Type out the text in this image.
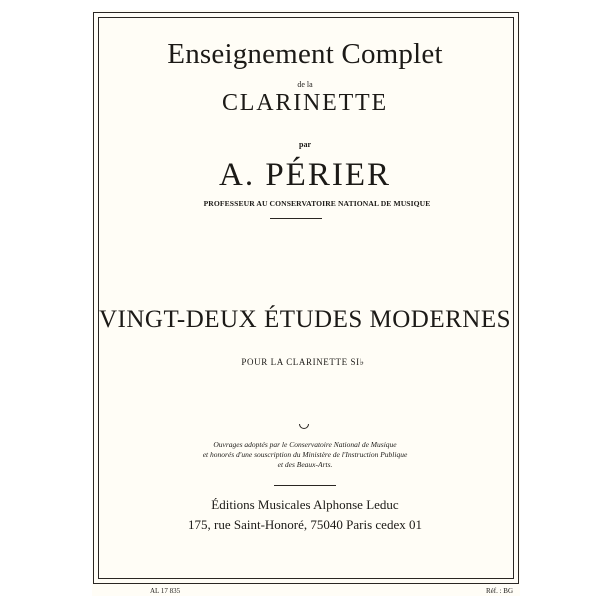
Enseignement Complet
de la
CLARINETTE
par
A. PÉRIER
PROFESSEUR AU CONSERVATOIRE NATIONAL DE MUSIQUE
VINGT-DEUX ÉTUDES MODERNES
POUR LA CLARINETTE SI♭
Ouvrages adoptés par le Conservatoire National de Musique
et honorés d'une souscription du Ministère de l'Instruction Publique
et des Beaux-Arts.
Éditions Musicales Alphonse Leduc
175, rue Saint-Honoré, 75040 Paris cedex 01
AL 17 835	Réf. : BG
